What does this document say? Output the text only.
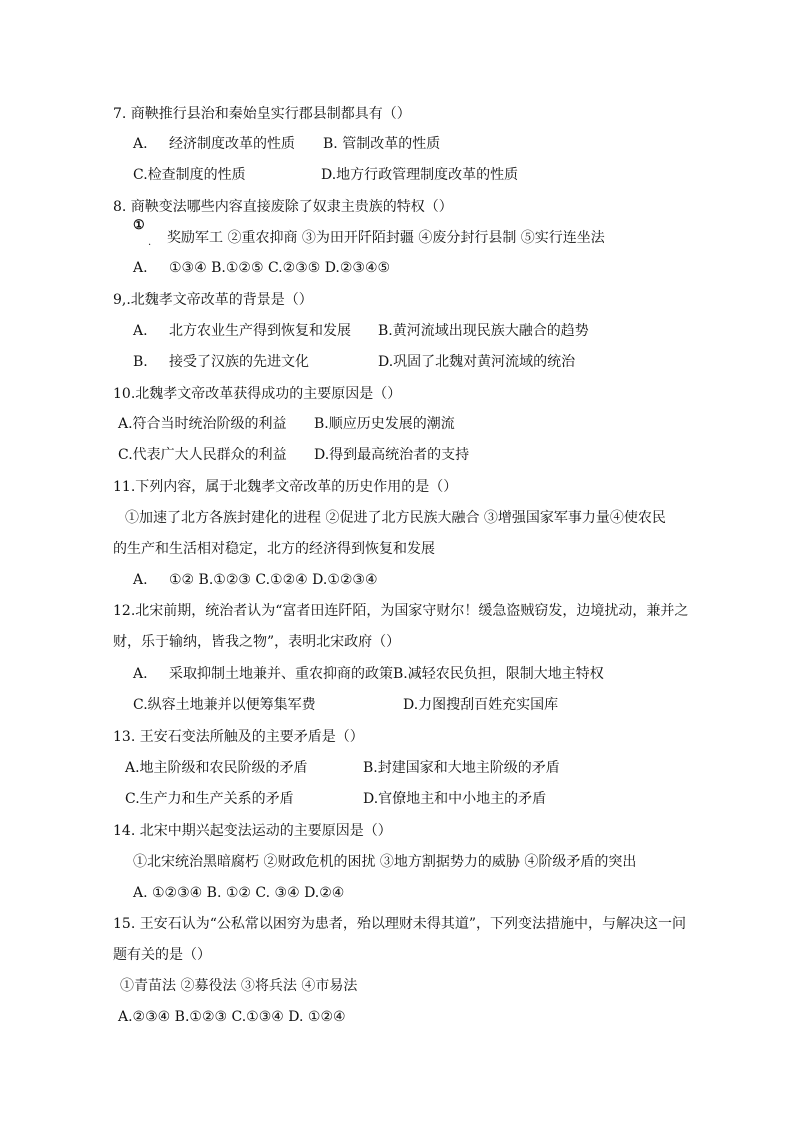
7. 商鞅推行县治和秦始皇实行郡县制都具有（）
A. 经济制度改革的性质 B. 管制改革的性质
C.检查制度的性质	D.地方行政管理制度改革的性质
8. 商鞅变法哪些内容直接废除了奴隶主贵族的特权（）
①
. 奖励军工 ②重农抑商 ③为田开阡陌封疆 ④废分封行县制 ⑤实行连坐法
A. ①③④ B.①②⑤ C.②③⑤ D.②③④⑤
9,.北魏孝文帝改革的背景是（）
A. 北方农业生产得到恢复和发展 B.黄河流域出现民族大融合的趋势
B. 接受了汉族的先进文化	D.巩固了北魏对黄河流域的统治
10.北魏孝文帝改革获得成功的主要原因是（）
A.符合当时统治阶级的利益 B.顺应历史发展的潮流
C.代表广大人民群众的利益 D.得到最高统治者的支持
11.下列内容，属于北魏孝文帝改革的历史作用的是（）
①加速了北方各族封建化的进程 ②促进了北方民族大融合 ③增强国家军事力量④使农民
的生产和生活相对稳定，北方的经济得到恢复和发展
A. ①② B.①②③ C.①②④ D.①②③④
12.北宋前期，统治者认为“富者田连阡陌，为国家守财尔！缓急盗贼窃发，边境扰动，兼并之
财，乐于输纳，皆我之物”，表明北宋政府（）
A. 采取抑制土地兼并、重农抑商的政策 B.减轻农民负担，限制大地主特权
C.纵容土地兼并以便筹集军费	D.力图搜刮百姓充实国库
13. 王安石变法所触及的主要矛盾是（）
A.地主阶级和农民阶级的矛盾	B.封建国家和大地主阶级的矛盾
C.生产力和生产关系的矛盾	D.官僚地主和中小地主的矛盾
14. 北宋中期兴起变法运动的主要原因是（）
①北宋统治黑暗腐朽 ②财政危机的困扰 ③地方割据势力的威胁 ④阶级矛盾的突出
A. ①②③④ B. ①② C. ③④ D.②④
15. 王安石认为“公私常以困穷为患者，殆以理财未得其道”，下列变法措施中，与解决这一问
题有关的是（）
①青苗法 ②募役法 ③将兵法 ④市易法
A.②③④ B.①②③ C.①③④ D. ①②④
